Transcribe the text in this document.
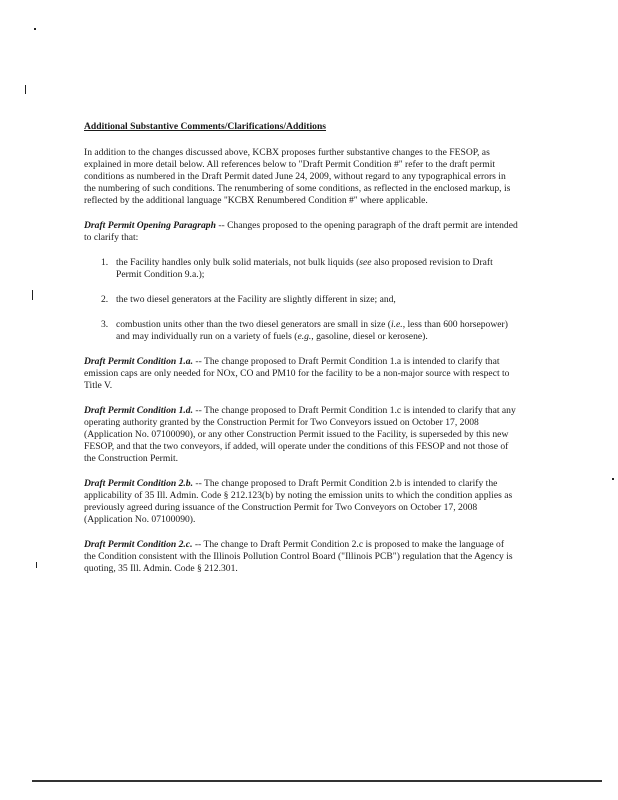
Additional Substantive Comments/Clarifications/Additions

In addition to the changes discussed above, KCBX proposes further substantive changes to the FESOP, as explained in more detail below. All references below to "Draft Permit Condition #" refer to the draft permit conditions as numbered in the Draft Permit dated June 24, 2009, without regard to any typographical errors in the numbering of such conditions. The renumbering of some conditions, as reflected in the enclosed markup, is reflected by the additional language "KCBX Renumbered Condition #" where applicable.

Draft Permit Opening Paragraph -- Changes proposed to the opening paragraph of the draft permit are intended to clarify that:

1. the Facility handles only bulk solid materials, not bulk liquids (see also proposed revision to Draft Permit Condition 9.a.);
2. the two diesel generators at the Facility are slightly different in size; and,
3. combustion units other than the two diesel generators are small in size (i.e., less than 600 horsepower) and may individually run on a variety of fuels (e.g., gasoline, diesel or kerosene).

Draft Permit Condition 1.a. -- The change proposed to Draft Permit Condition 1.a is intended to clarify that emission caps are only needed for NOx, CO and PM10 for the facility to be a non-major source with respect to Title V.

Draft Permit Condition 1.d. -- The change proposed to Draft Permit Condition 1.c is intended to clarify that any operating authority granted by the Construction Permit for Two Conveyors issued on October 17, 2008 (Application No. 07100090), or any other Construction Permit issued to the Facility, is superseded by this new FESOP, and that the two conveyors, if added, will operate under the conditions of this FESOP and not those of the Construction Permit.

Draft Permit Condition 2.b. -- The change proposed to Draft Permit Condition 2.b is intended to clarify the applicability of 35 Ill. Admin. Code § 212.123(b) by noting the emission units to which the condition applies as previously agreed during issuance of the Construction Permit for Two Conveyors on October 17, 2008 (Application No. 07100090).

Draft Permit Condition 2.c. -- The change to Draft Permit Condition 2.c is proposed to make the language of the Condition consistent with the Illinois Pollution Control Board ("Illinois PCB") regulation that the Agency is quoting, 35 Ill. Admin. Code § 212.301.
